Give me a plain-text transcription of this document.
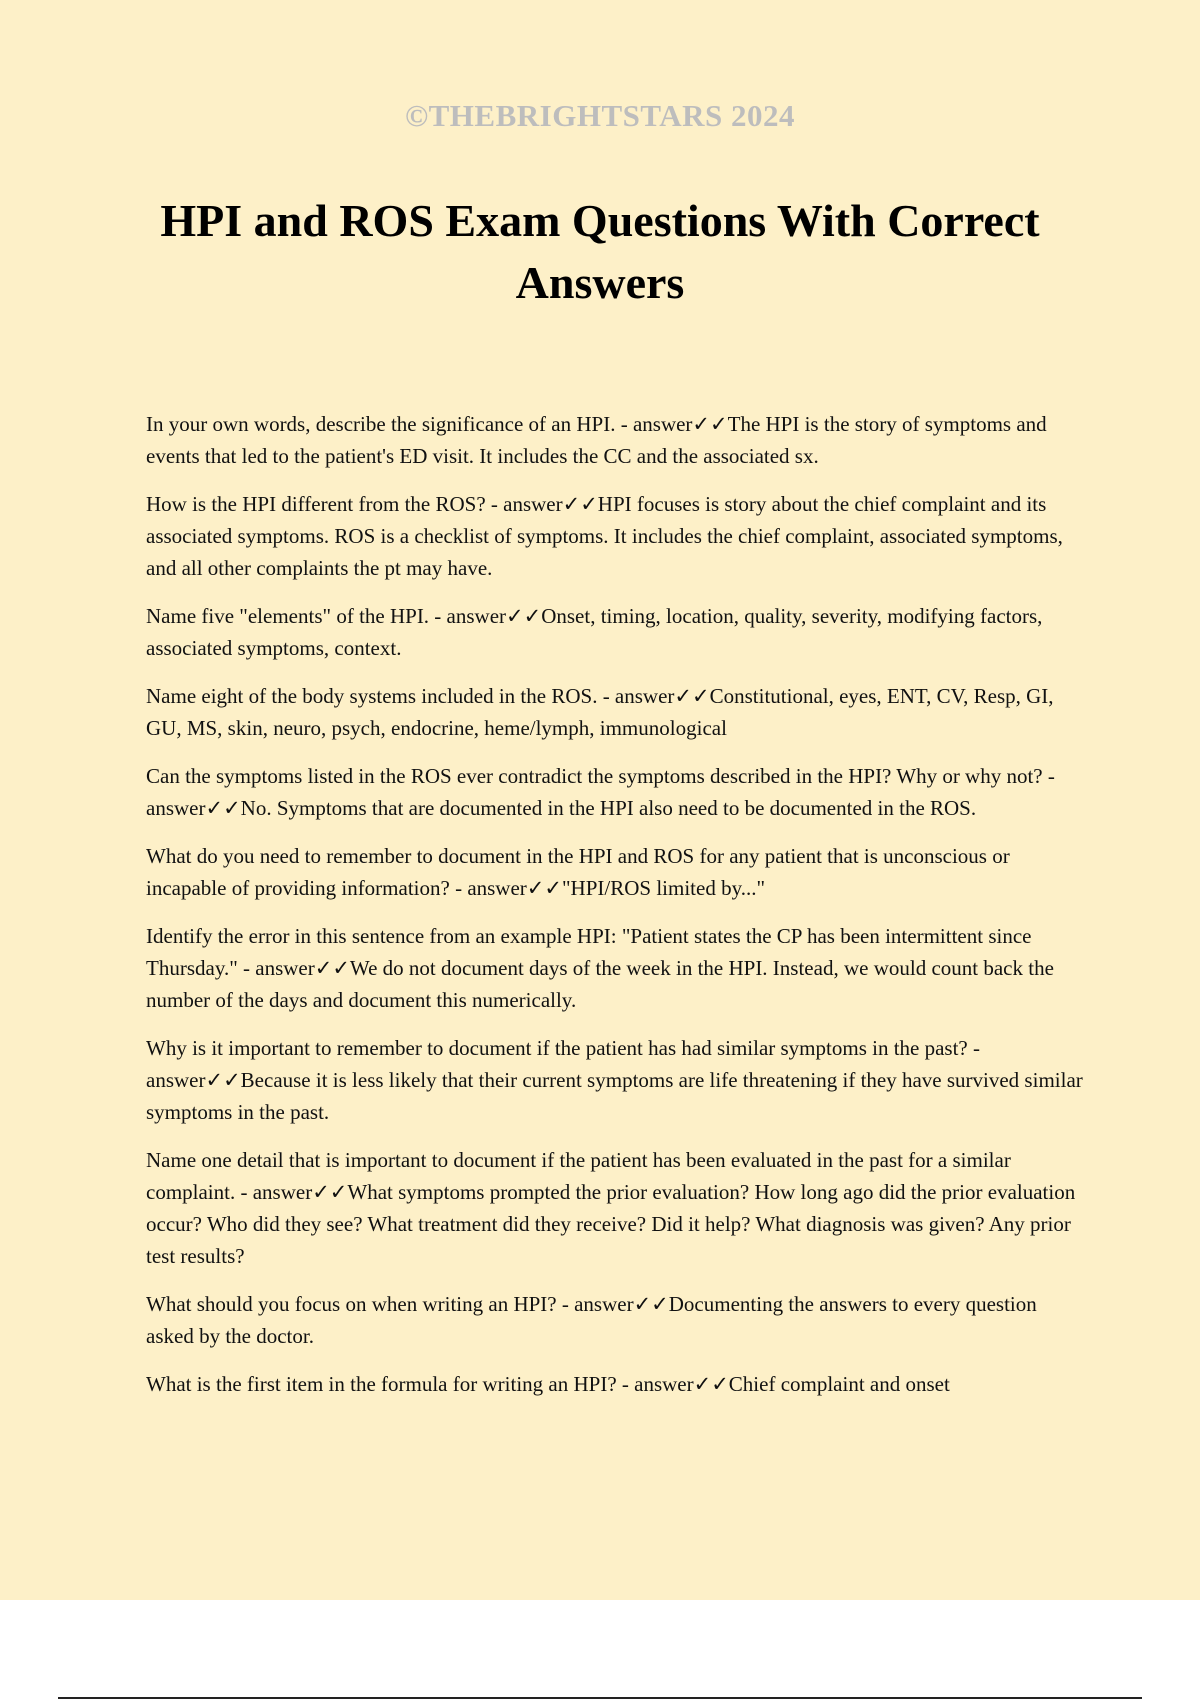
©THEBRIGHTSTARS 2024
HPI and ROS Exam Questions With Correct Answers
In your own words, describe the significance of an HPI. - answer✓✓The HPI is the story of symptoms and events that led to the patient's ED visit. It includes the CC and the associated sx.
How is the HPI different from the ROS? - answer✓✓HPI focuses is story about the chief complaint and its associated symptoms. ROS is a checklist of symptoms. It includes the chief complaint, associated symptoms, and all other complaints the pt may have.
Name five "elements" of the HPI. - answer✓✓Onset, timing, location, quality, severity, modifying factors, associated symptoms, context.
Name eight of the body systems included in the ROS. - answer✓✓Constitutional, eyes, ENT, CV, Resp, GI, GU, MS, skin, neuro, psych, endocrine, heme/lymph, immunological
Can the symptoms listed in the ROS ever contradict the symptoms described in the HPI? Why or why not? - answer✓✓No. Symptoms that are documented in the HPI also need to be documented in the ROS.
What do you need to remember to document in the HPI and ROS for any patient that is unconscious or incapable of providing information? - answer✓✓"HPI/ROS limited by..."
Identify the error in this sentence from an example HPI: "Patient states the CP has been intermittent since Thursday." - answer✓✓We do not document days of the week in the HPI. Instead, we would count back the number of the days and document this numerically.
Why is it important to remember to document if the patient has had similar symptoms in the past? - answer✓✓Because it is less likely that their current symptoms are life threatening if they have survived similar symptoms in the past.
Name one detail that is important to document if the patient has been evaluated in the past for a similar complaint. - answer✓✓What symptoms prompted the prior evaluation? How long ago did the prior evaluation occur? Who did they see? What treatment did they receive? Did it help? What diagnosis was given? Any prior test results?
What should you focus on when writing an HPI? - answer✓✓Documenting the answers to every question asked by the doctor.
What is the first item in the formula for writing an HPI? - answer✓✓Chief complaint and onset
